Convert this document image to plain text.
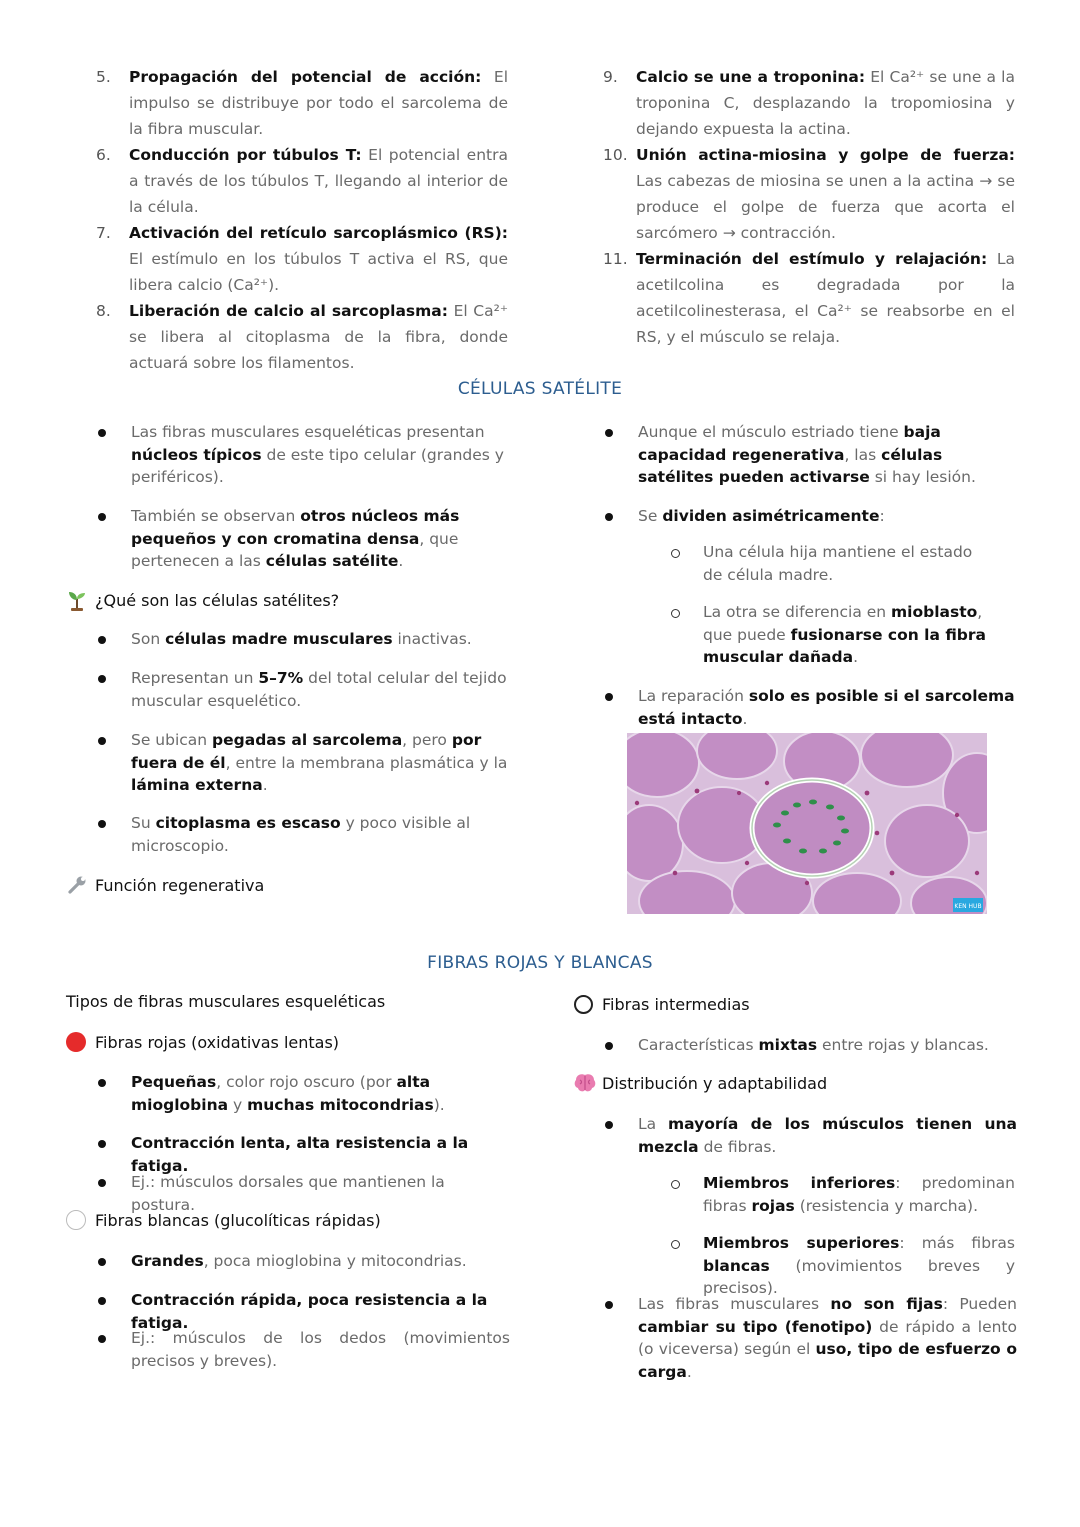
5.	Propagación del potencial de acción: El impulso se distribuye por todo el sarcolema de la fibra muscular.
6.	Conducción por túbulos T: El potencial entra a través de los túbulos T, llegando al interior de la célula.
7.	Activación del retículo sarcoplásmico (RS): El estímulo en los túbulos T activa el RS, que libera calcio (Ca²⁺).
8.	Liberación de calcio al sarcoplasma: El Ca²⁺ se libera al citoplasma de la fibra, donde actuará sobre los filamentos.
9.	Calcio se une a troponina: El Ca²⁺ se une a la troponina C, desplazando la tropomiosina y dejando expuesta la actina.
10. Unión actina-miosina y golpe de fuerza: Las cabezas de miosina se unen a la actina → se produce el golpe de fuerza que acorta el sarcómero → contracción.
11. Terminación del estímulo y relajación: La acetilcolina es degradada por la acetilcolinesterasa, el Ca²⁺ se reabsorbe en el RS, y el músculo se relaja.
CÉLULAS SATÉLITE
Las fibras musculares esqueléticas presentan núcleos típicos de este tipo celular (grandes y periféricos).
También se observan otros núcleos más pequeños y con cromatina densa, que pertenecen a las células satélite.
¿Qué son las células satélites?
Son células madre musculares inactivas.
Representan un 5–7% del total celular del tejido muscular esquelético.
Se ubican pegadas al sarcolema, pero por fuera de él, entre la membrana plasmática y la lámina externa.
Su citoplasma es escaso y poco visible al microscopio.
Función regenerativa
Aunque el músculo estriado tiene baja capacidad regenerativa, las células satélites pueden activarse si hay lesión.
Se dividen asimétricamente:
Una célula hija mantiene el estado de célula madre.
La otra se diferencia en mioblasto, que puede fusionarse con la fibra muscular dañada.
La reparación solo es posible si el sarcolema está intacto.
KEN HUB
FIBRAS ROJAS Y BLANCAS
Tipos de fibras musculares esqueléticas
Fibras rojas (oxidativas lentas)
Pequeñas, color rojo oscuro (por alta mioglobina y muchas mitocondrias).
Contracción lenta, alta resistencia a la fatiga.
Ej.: músculos dorsales que mantienen la postura.
Fibras blancas (glucolíticas rápidas)
Grandes, poca mioglobina y mitocondrias.
Contracción rápida, poca resistencia a la fatiga.
Ej.: músculos de los dedos (movimientos precisos y breves).
Fibras intermedias
Características mixtas entre rojas y blancas.
Distribución y adaptabilidad
La mayoría de los músculos tienen una mezcla de fibras.
Miembros inferiores: predominan fibras rojas (resistencia y marcha).
Miembros superiores: más fibras blancas (movimientos breves y precisos).
Las fibras musculares no son fijas: Pueden cambiar su tipo (fenotipo) de rápido a lento (o viceversa) según el uso, tipo de esfuerzo o carga.
